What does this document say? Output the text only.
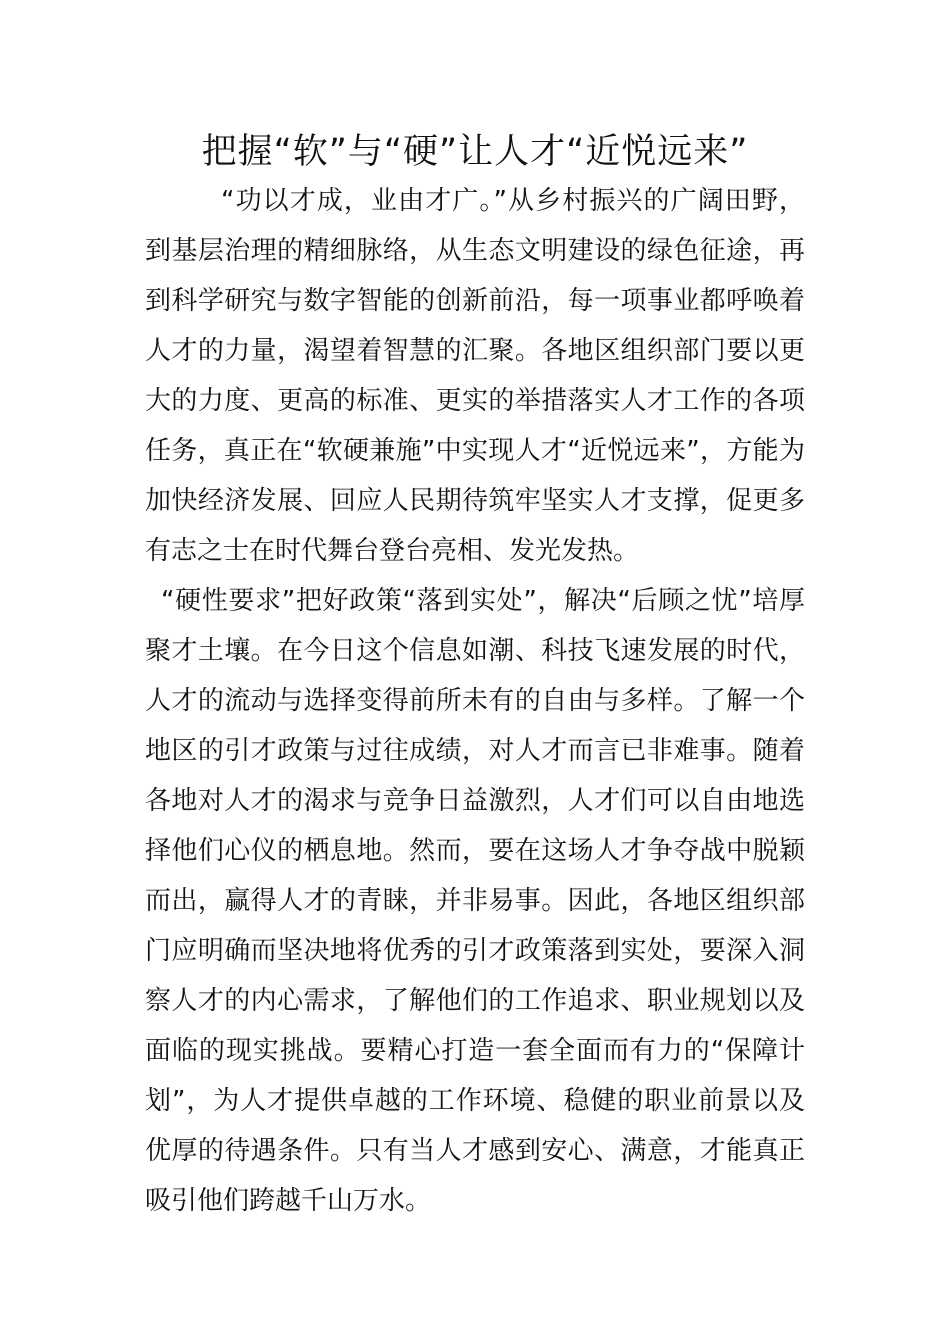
把握“软”与“硬”让人才“近悦远来”

“功以才成，业由才广。”从乡村振兴的广阔田野，到基层治理的精细脉络，从生态文明建设的绿色征途，再到科学研究与数字智能的创新前沿，每一项事业都呼唤着人才的力量，渴望着智慧的汇聚。各地区组织部门要以更大的力度、更高的标准、更实的举措落实人才工作的各项任务，真正在“软硬兼施”中实现人才“近悦远来”，方能为加快经济发展、回应人民期待筑牢坚实人才支撑，促更多有志之士在时代舞台登台亮相、发光发热。

“硬性要求”把好政策“落到实处”，解决“后顾之忧”培厚聚才土壤。在今日这个信息如潮、科技飞速发展的时代，人才的流动与选择变得前所未有的自由与多样。了解一个地区的引才政策与过往成绩，对人才而言已非难事。随着各地对人才的渴求与竞争日益激烈，人才们可以自由地选择他们心仪的栖息地。然而，要在这场人才争夺战中脱颖而出，赢得人才的青睐，并非易事。因此，各地区组织部门应明确而坚决地将优秀的引才政策落到实处，要深入洞察人才的内心需求，了解他们的工作追求、职业规划以及面临的现实挑战。要精心打造一套全面而有力的“保障计划”，为人才提供卓越的工作环境、稳健的职业前景以及优厚的待遇条件。只有当人才感到安心、满意，才能真正吸引他们跨越千山万水。
